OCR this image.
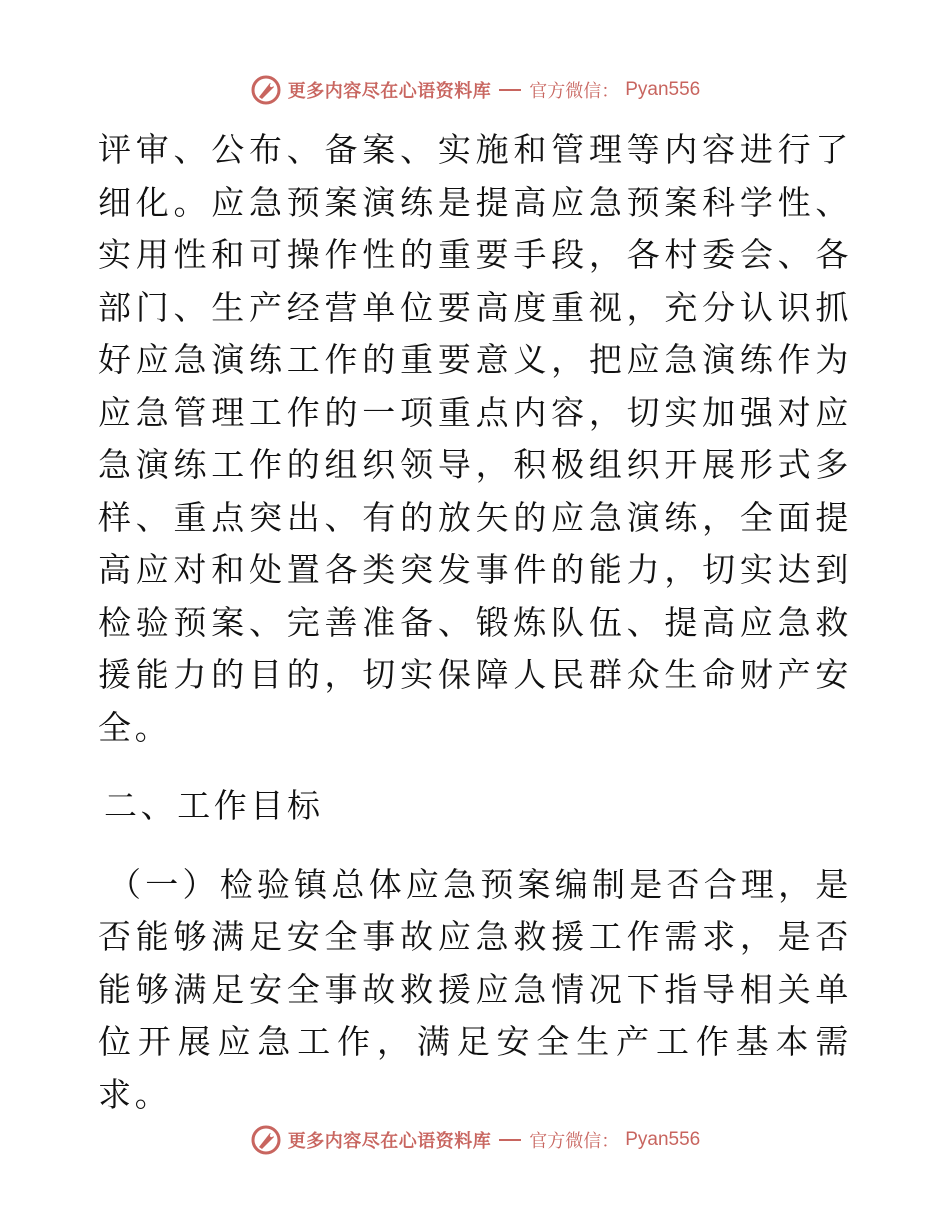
更多内容尽在心语资料库 官方微信： Pyan556

评审、公布、备案、实施和管理等内容进行了细化。应急预案演练是提高应急预案科学性、实用性和可操作性的重要手段，各村委会、各部门、生产经营单位要高度重视，充分认识抓好应急演练工作的重要意义，把应急演练作为应急管理工作的一项重点内容，切实加强对应急演练工作的组织领导，积极组织开展形式多样、重点突出、有的放矢的应急演练，全面提高应对和处置各类突发事件的能力，切实达到检验预案、完善准备、锻炼队伍、提高应急救援能力的目的，切实保障人民群众生命财产安全。

二、工作目标

（一）检验镇总体应急预案编制是否合理，是否能够满足安全事故应急救援工作需求，是否能够满足安全事故救援应急情况下指导相关单位开展应急工作，满足安全生产工作基本需求。

更多内容尽在心语资料库 官方微信： Pyan556
